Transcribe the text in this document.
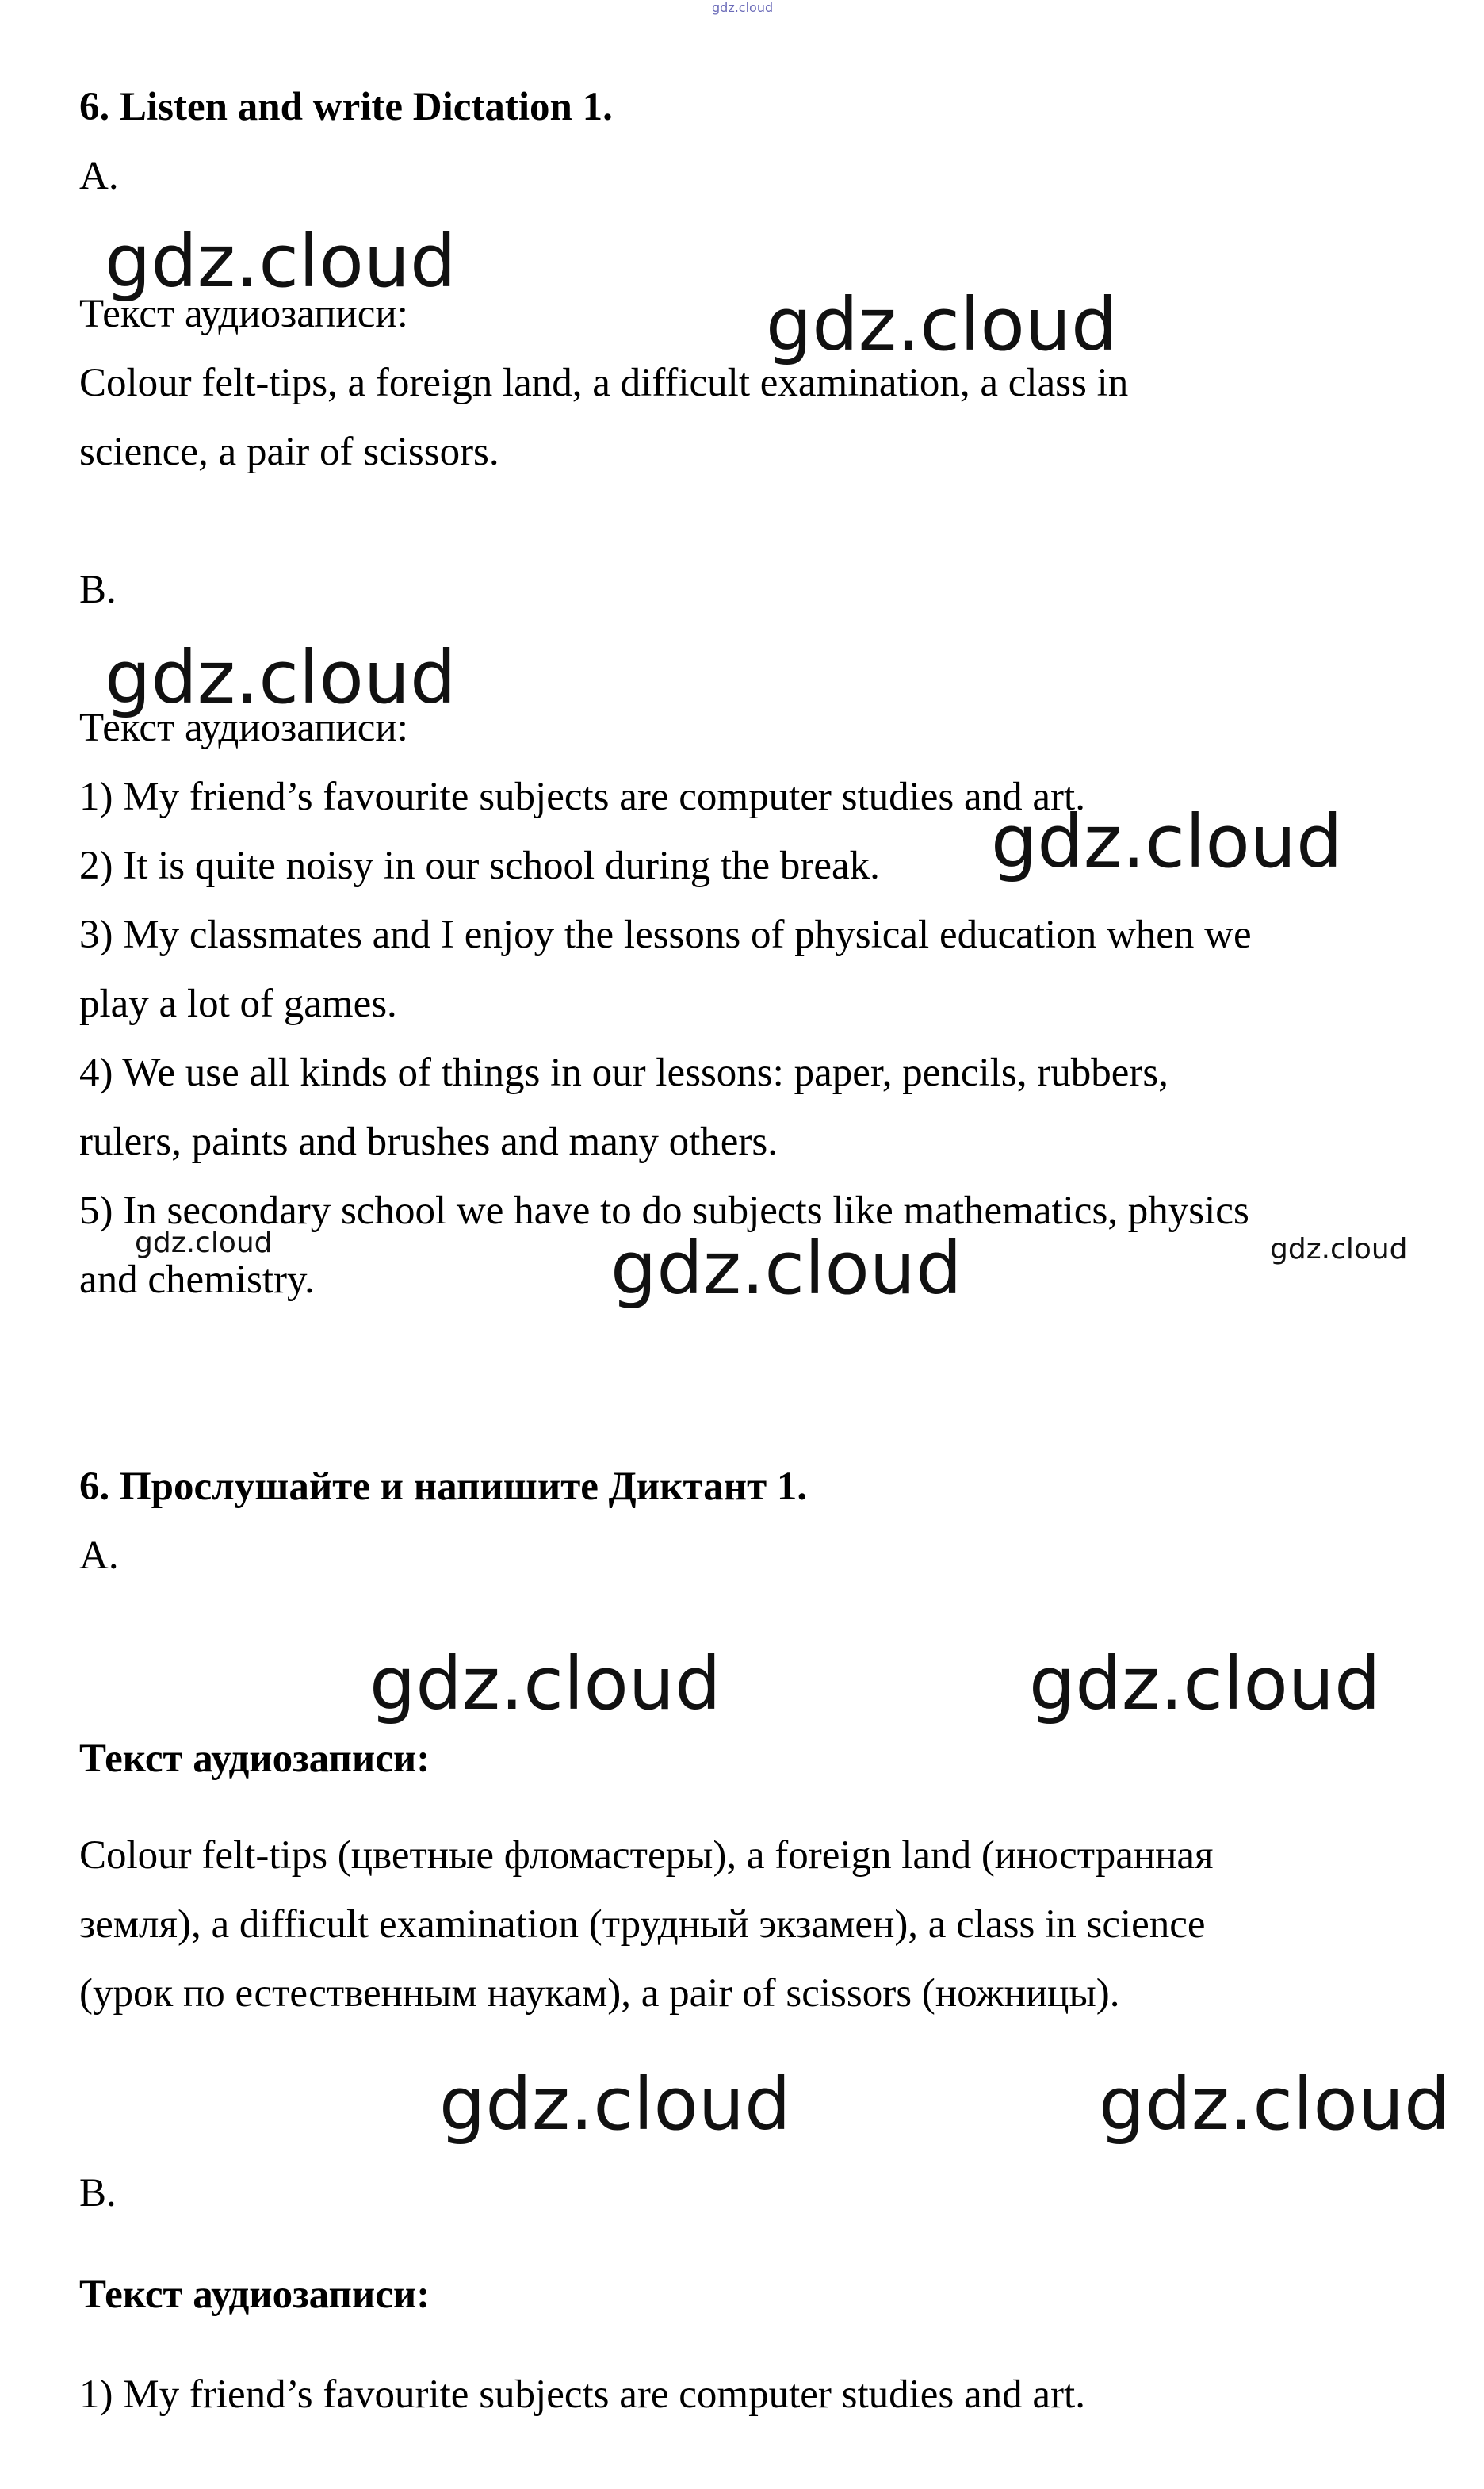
gdz.cloud

6. Listen and write Dictation 1.

A.

Текст аудиозаписи:

Colour felt-tips, a foreign land, a difficult examination, a class in

science, a pair of scissors.

B.

Текст аудиозаписи:

1) My friend’s favourite subjects are computer studies and art.

2) It is quite noisy in our school during the break.

3) My classmates and I enjoy the lessons of physical education when we

play a lot of games.

4) We use all kinds of things in our lessons: paper, pencils, rubbers,

rulers, paints and brushes and many others.

5) In secondary school we have to do subjects like mathematics, physics

and chemistry.

6. Прослушайте и напишите Диктант 1.

A.

Текст аудиозаписи:

Colour felt-tips (цветные фломастеры), a foreign land (иностранная

земля), a difficult examination (трудный экзамен), a class in science

(урок по естественным наукам), a pair of scissors (ножницы).

B.

Текст аудиозаписи:

1) My friend’s favourite subjects are computer studies and art.

gdz.cloud
gdz.cloud
gdz.cloud
gdz.cloud
gdz.cloud
gdz.cloud	gdz.cloud
gdz.cloud	gdz.cloud
gdz.cloud	gdz.cloud
